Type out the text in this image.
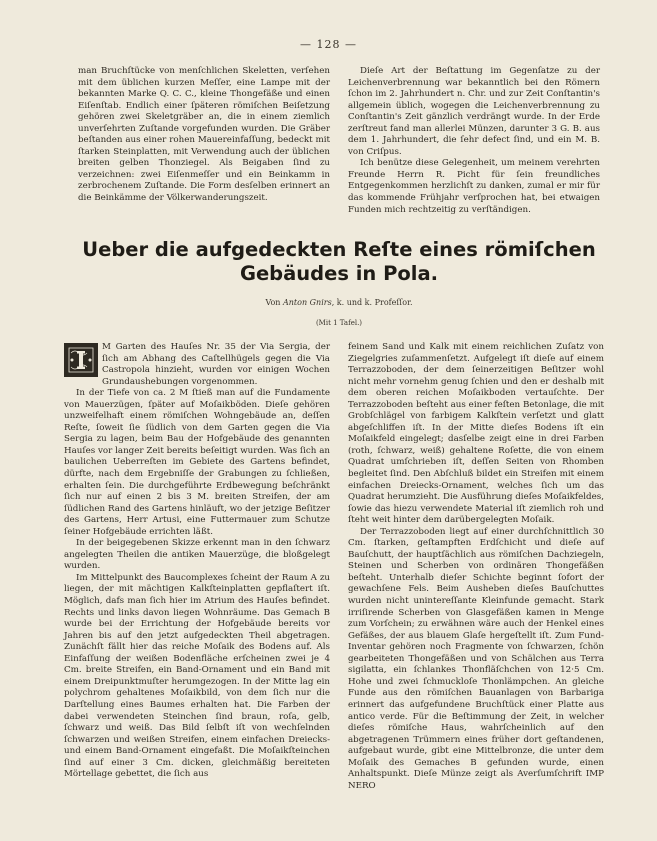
— 128 —

man Bruchſtücke von menſchlichen Skeletten, verſehen mit dem üblichen kurzen Meſſer, eine Lampe mit der bekannten Marke Q. C. C., kleine Thongefäße und einen Eiſenſtab. Endlich einer ſpäteren römiſchen Beiſetzung gehören zwei Skeletgräber an, die in einem ziemlich unverſehrten Zuſtande vorgefunden wurden. Die Gräber beſtanden aus einer rohen Mauereinfaſſung, bedeckt mit ſtarken Steinplatten, mit Verwendung auch der üblichen breiten gelben Thonziegel. Als Beigaben ſind zu verzeichnen: zwei Eiſenmeſſer und ein Beinkamm in zerbrochenem Zuſtande. Die Form desſelben erinnert an die Beinkämme der Völkerwanderungszeit.

Dieſe Art der Beſtattung im Gegenſatze zu der Leichenverbrennung war bekanntlich bei den Römern ſchon im 2. Jahrhundert n. Chr. und zur Zeit Conſtantin's allgemein üblich, wogegen die Leichenverbrennung zu Conſtantin's Zeit gänzlich verdrängt wurde. In der Erde zerſtreut fand man allerlei Münzen, darunter 3 G. B. aus dem 1. Jahrhundert, die ſehr defect ſind, und ein M. B. von Criſpus.

Ich benütze diese Gelegenheit, um meinem verehrten Freunde Herrn R. Picht für ſein freundliches Entgegenkommen herzlichſt zu danken, zumal er mir für das kommende Frühjahr verſprochen hat, bei etwaigen Funden mich rechtzeitig zu verſtändigen.

Ueber die aufgedeckten Reſte eines römiſchen Gebäudes in Pola.
Von Anton Gnirs, k. und k. Profeſſor.
(Mit 1 Tafel.)

M Garten des Hauſes Nr. 35 der Via Sergia, der ſich am Abhang des Caſtellhügels gegen die Via Castropola hinzieht, wurden vor einigen Wochen Grundaushebungen vorgenommen.

In der Tiefe von ca. 2 M ſtieß man auf die Fundamente von Mauerzügen, ſpäter auf Moſaikböden. Dieſe gehören unzweifelhaft einem römiſchen Wohngebäude an, deſſen Reſte, ſoweit ſie ſüdlich von dem Garten gegen die Via Sergia zu lagen, beim Bau der Hofgebäude des genannten Hauſes vor langer Zeit bereits beſeitigt wurden. Was ſich an baulichen Ueberreſten im Gebiete des Gartens befindet, dürfte, nach dem Ergebniſſe der Grabungen zu ſchließen, erhalten ſein. Die durchgeführte Erdbewegung beſchränkt ſich nur auf einen 2 bis 3 M. breiten Streifen, der am ſüdlichen Rand des Gartens hinläuft, wo der jetzige Beſitzer des Gartens, Herr Artusi, eine Futtermauer zum Schutze ſeiner Hofgebäude errichten läßt.

In der beigegebenen Skizze erkennt man in den ſchwarz angelegten Theilen die antiken Mauerzüge, die bloßgelegt wurden.

Im Mittelpunkt des Baucomplexes ſcheint der Raum A zu liegen, der mit mächtigen Kalkſteinplatten gepflaſtert iſt. Möglich, dafs man ſich hier im Atrium des Hauſes befindet. Rechts und links davon liegen Wohnräume. Das Gemach B wurde bei der Errichtung der Hofgebäude bereits vor Jahren bis auf den jetzt aufgedeckten Theil abgetragen. Zunächſt fällt hier das reiche Moſaik des Bodens auf. Als Einfaſſung der weißen Bodenfläche erſcheinen zwei je 4 Cm. breite Streifen, ein Band-Ornament und ein Band mit einem Dreipunktmuſter herumgezogen. In der Mitte lag ein polychrom gehaltenes Moſaikbild, von dem ſich nur die Darſtellung eines Baumes erhalten hat. Die Farben der dabei verwendeten Steinchen ſind braun, roſa, gelb, ſchwarz und weiß. Das Bild ſelbſt iſt von wechſelnden ſchwarzen und weißen Streifen, einem einfachen Dreiecks- und einem Band-Ornament eingefaßt. Die Moſaikſteinchen ſind auf einer 3 Cm. dicken, gleichmäßig bereiteten Mörtellage gebettet, die ſich aus

feinem Sand und Kalk mit einem reichlichen Zuſatz von Ziegelgries zuſammenſetzt. Aufgelegt iſt dieſe auf einem Terrazzoboden, der dem ſeinerzeitigen Beſitzer wohl nicht mehr vornehm genug ſchien und den er deshalb mit dem oberen reichen Moſaikboden vertauſchte. Der Terrazzoboden beſteht aus einer feſten Betonlage, die mit Grobſchlägel von farbigem Kalkſtein verſetzt und glatt abgeſchliffen iſt. In der Mitte dieſes Bodens iſt ein Moſaikfeld eingelegt; dasſelbe zeigt eine in drei Farben (roth, ſchwarz, weiß) gehaltene Roſette, die von einem Quadrat umſchrieben iſt, deſſen Seiten von Rhomben begleitet ſind. Den Abſchluß bildet ein Streifen mit einem einfachen Dreiecks-Ornament, welches ſich um das Quadrat herumzieht. Die Ausführung dieſes Moſaikfeldes, ſowie das hiezu verwendete Material iſt ziemlich roh und ſteht weit hinter dem darübergelegten Moſaik.

Der Terrazzoboden liegt auf einer durchſchnittlich 30 Cm. ſtarken, geſtampften Erdſchicht und dieſe auf Bauſchutt, der hauptſächlich aus römiſchen Dachziegeln, Steinen und Scherben von ordinären Thongefäßen beſteht. Unterhalb dieſer Schichte beginnt ſofort der gewachſene Fels. Beim Ausheben dieſes Bauſchuttes wurden nicht unintereſſante Kleinfunde gemacht. Stark irriſirende Scherben von Glasgefäßen kamen in Menge zum Vorſchein; zu erwähnen wäre auch der Henkel eines Gefäßes, der aus blauem Glaſe hergeſtellt iſt. Zum Fund-Inventar gehören noch Fragmente von ſchwarzen, ſchön gearbeiteten Thongefäßen und von Schälchen aus Terra sigilatta, ein ſchlankes Thonfläſchchen von 12·5 Cm. Hohe und zwei ſchmuckloſe Thonlämpchen. An gleiche Funde aus den römiſchen Bauanlagen von Barbariga erinnert das aufgefundene Bruchſtück einer Platte aus antico verde. Für die Beſtimmung der Zeit, in welcher dieſes römiſche Haus, wahrſcheinlich auf den abgetragenen Trümmern eines früher dort geſtandenen, aufgebaut wurde, gibt eine Mittelbronze, die unter dem Moſaik des Gemaches B gefunden wurde, einen Anhaltspunkt. Dieſe Münze zeigt als Averſumſchrift IMP NERO
